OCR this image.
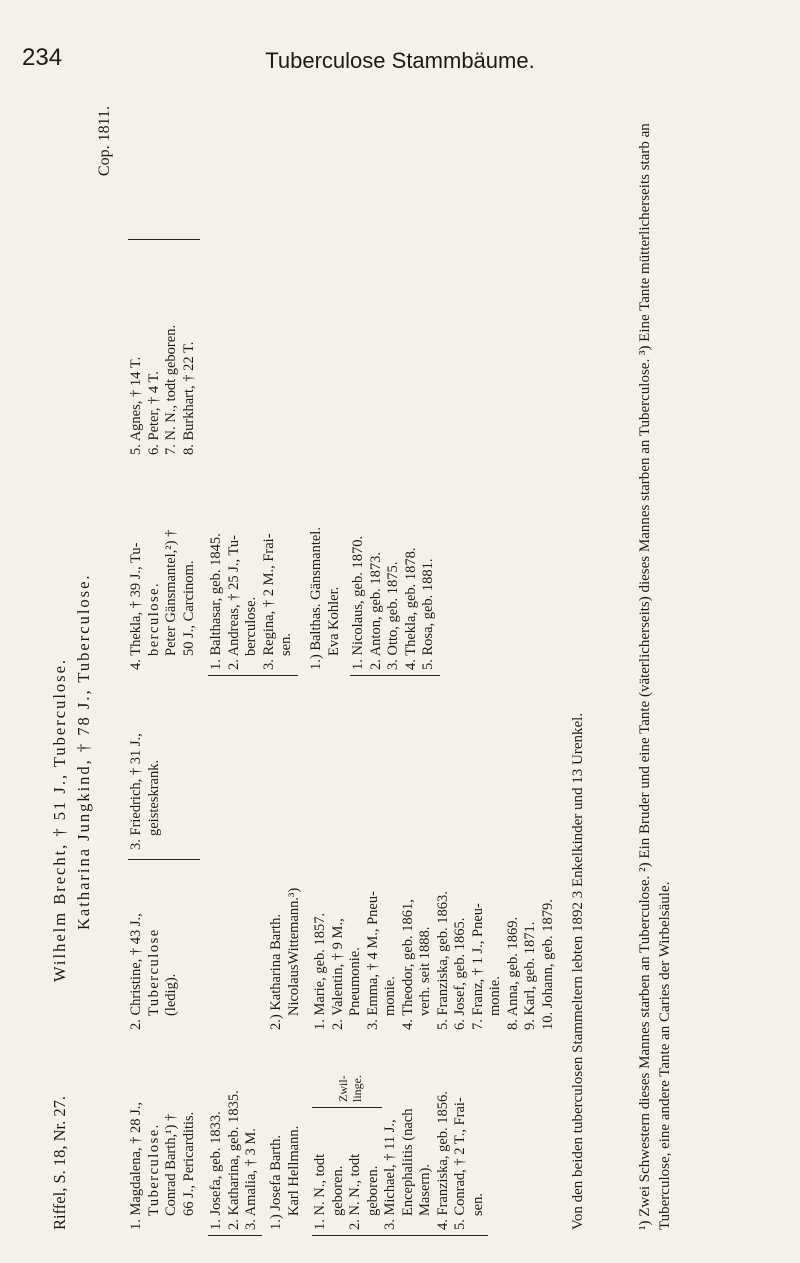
234	Tuberculose Stammbäume.
Riffel, S. 18, Nr. 27.
Wilhelm Brecht, † 51 J., Tuberculose. Katharina Jungkind, † 78 J., Tuberculose.
Cop. 1811.
1. Magdalena, † 28 J., Tuberculose. Conrad Barth,¹) † 66 J., Pericarditis.
2. Christine, † 43 J., Tuberculose (ledig).
3. Friedrich, † 31 J., geisteskrank.
4. Thekla, † 39 J., Tu- berculose. Peter Gänsmantel,²) † 50 J., Carcinom.
5. Agnes, † 14 T. 6. Peter, † 4 T. 7. N. N., todt geboren. 8. Burkhart, † 22 T.
1. Josefa, geb. 1833. 2. Katharina, geb. 1835. 3. Amalia, † 3 M. 1.) Josefa Barth. Karl Hellmann.
2.) Katharina Barth. NicolausWittemann.³)
1. Balthasar, geb. 1845. 2. Andreas, † 25 J., Tu- berculose. 3. Regina, † 2 M., Frai- sen. 1.) Balthas. Gänsmantel. Eva Kohler.
1. N. N., todt geboren. 2. N. N., todt geboren. 3. Michael, † 11 J., Encephalitis (nach Masern). 4. Franziska, geb. 1856. 5. Conrad, † 2 T., Frai- sen.
Zwil-
linge.
1. Marie, geb. 1857. 2. Valentin, † 9 M., Pneumonie. 3. Emma, † 4 M., Pneu- monie. 4. Theodor, geb. 1861, verh. seit 1888. 5. Franziska, geb. 1863. 6. Josef, geb. 1865. 7. Franz, † 1 J., Pneu- monie. 8. Anna, geb. 1869. 9. Karl, geb. 1871. 10. Johann, geb. 1879.
1. Nicolaus, geb. 1870. 2. Anton, geb. 1873. 3. Otto, geb. 1875. 4. Thekla, geb. 1878. 5. Rosa, geb. 1881.
Von den beiden tuberculosen Stammeltern lebten 1892 3 Enkelkinder und 13 Urenkel.	¹) Zwei Schwestern dieses Mannes starben an Tuberculose. ²) Ein Bruder und eine Tante (väterlicherseits) dieses Mannes starben an Tuberculose. ³) Eine Tante mütterlicherseits starb an Tuberculose, eine andere Tante an Caries der Wirbelsäule.
